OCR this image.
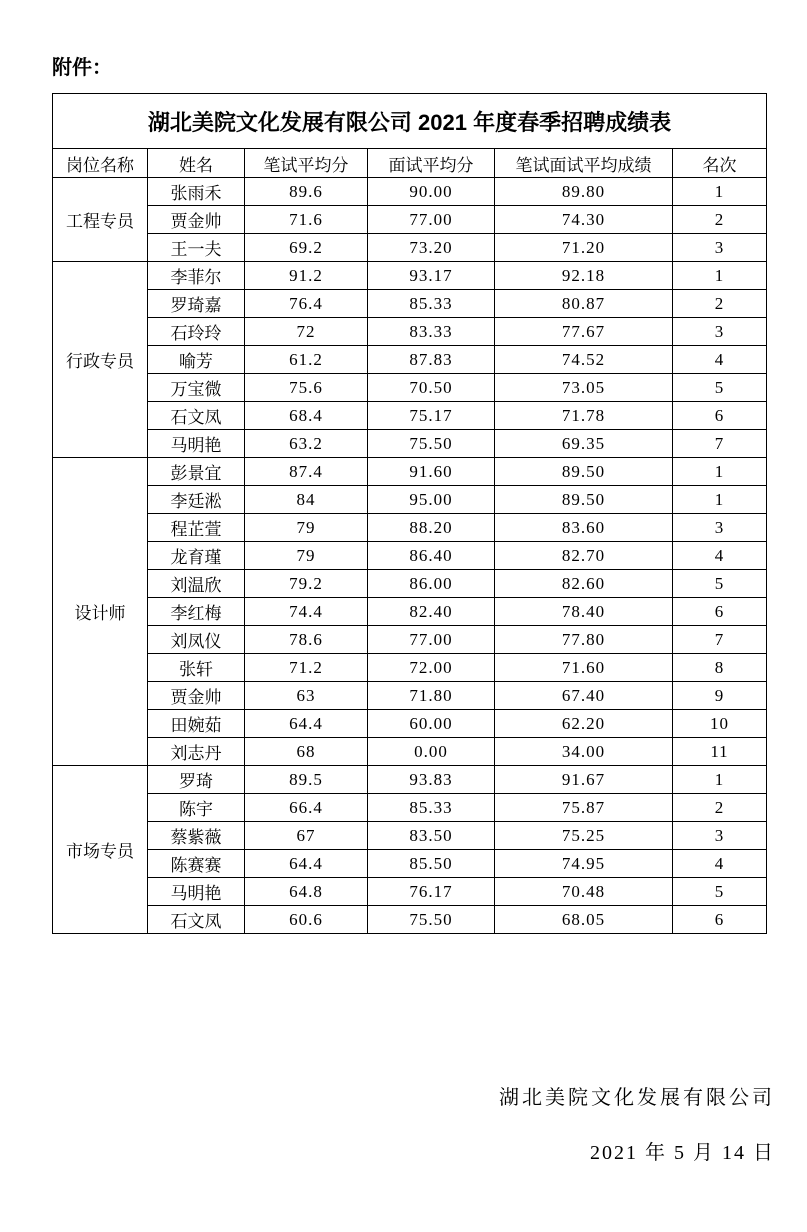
附件：
湖北美院文化发展有限公司 2021 年度春季招聘成绩表					
岗位名称	姓名	笔试平均分	面试平均分	笔试面试平均成绩	名次
工程专员	张雨禾	89.6	90.00	89.80	1
	贾金帅	71.6	77.00	74.30	2
	王一夫	69.2	73.20	71.20	3
行政专员	李菲尔	91.2	93.17	92.18	1
	罗琦嘉	76.4	85.33	80.87	2
	石玲玲	72	83.33	77.67	3
	喻芳	61.2	87.83	74.52	4
	万宝微	75.6	70.50	73.05	5
	石文凤	68.4	75.17	71.78	6
	马明艳	63.2	75.50	69.35	7
设计师	彭景宜	87.4	91.60	89.50	1
	李廷淞	84	95.00	89.50	1
	程芷萱	79	88.20	83.60	3
	龙育瑾	79	86.40	82.70	4
	刘温欣	79.2	86.00	82.60	5
	李红梅	74.4	82.40	78.40	6
	刘凤仪	78.6	77.00	77.80	7
	张轩	71.2	72.00	71.60	8
	贾金帅	63	71.80	67.40	9
	田婉茹	64.4	60.00	62.20	10
	刘志丹	68	0.00	34.00	11
市场专员	罗琦	89.5	93.83	91.67	1
	陈宇	66.4	85.33	75.87	2
	蔡紫薇	67	83.50	75.25	3
	陈赛赛	64.4	85.50	74.95	4
	马明艳	64.8	76.17	70.48	5
	石文凤	60.6	75.50	68.05	6
湖北美院文化发展有限公司
2021 年 5 月 14 日
